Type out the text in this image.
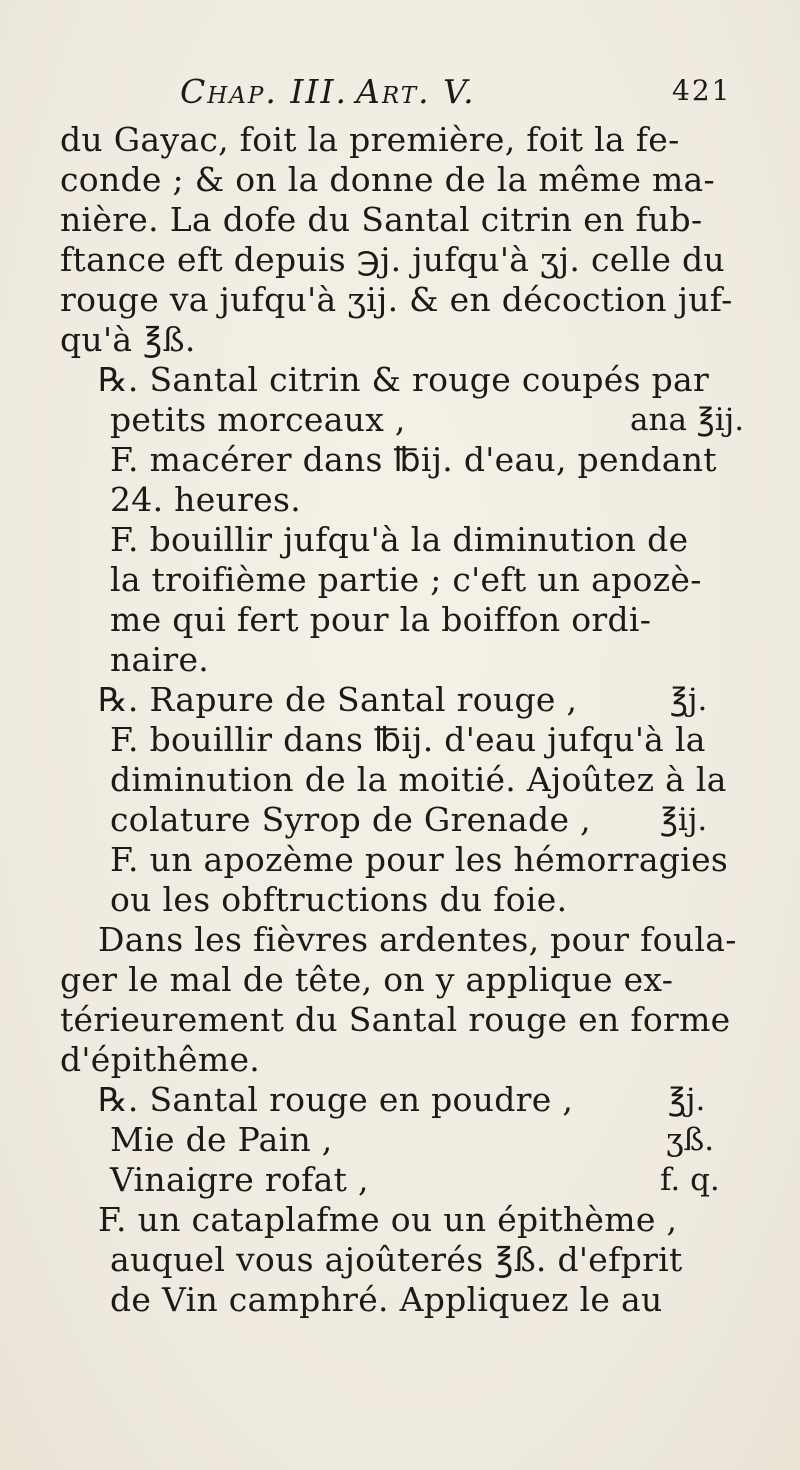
Chap. III. Art. V.	421
du Gayac, foit la première, foit la fe-
conde ; & on la donne de la même ma-
nière. La dofe du Santal citrin en fub-
ftance eft depuis ℈j. jufqu'à ʒj. celle du
rouge va jufqu'à ʒij. & en décoction juf-
qu'à ℥ß.
℞. Santal citrin & rouge coupés par
petits morceaux ,
F. macérer dans ℔ij. d'eau, pendant
24. heures.
F. bouillir jufqu'à la diminution de
la troifième partie ; c'eft un apozè-
me qui fert pour la boiffon ordi-
naire.
℞. Rapure de Santal rouge ,
F. bouillir dans ℔ij. d'eau jufqu'à la
diminution de la moitié. Ajoûtez à la
colature Syrop de Grenade ,
F. un apozème pour les hémorragies
ou les obftructions du foie.
Dans les fièvres ardentes, pour foula-
ger le mal de tête, on y applique ex-
térieurement du Santal rouge en forme
d'épithême.
℞. Santal rouge en poudre ,
Mie de Pain ,
Vinaigre rofat ,
F. un cataplafme ou un épithème ,
auquel vous ajoûterés ℥ß. d'efprit
de Vin camphré. Appliquez le au
ana ℥ij.
℥j.
℥ij.
℥j.
ʒß.
f. q.
